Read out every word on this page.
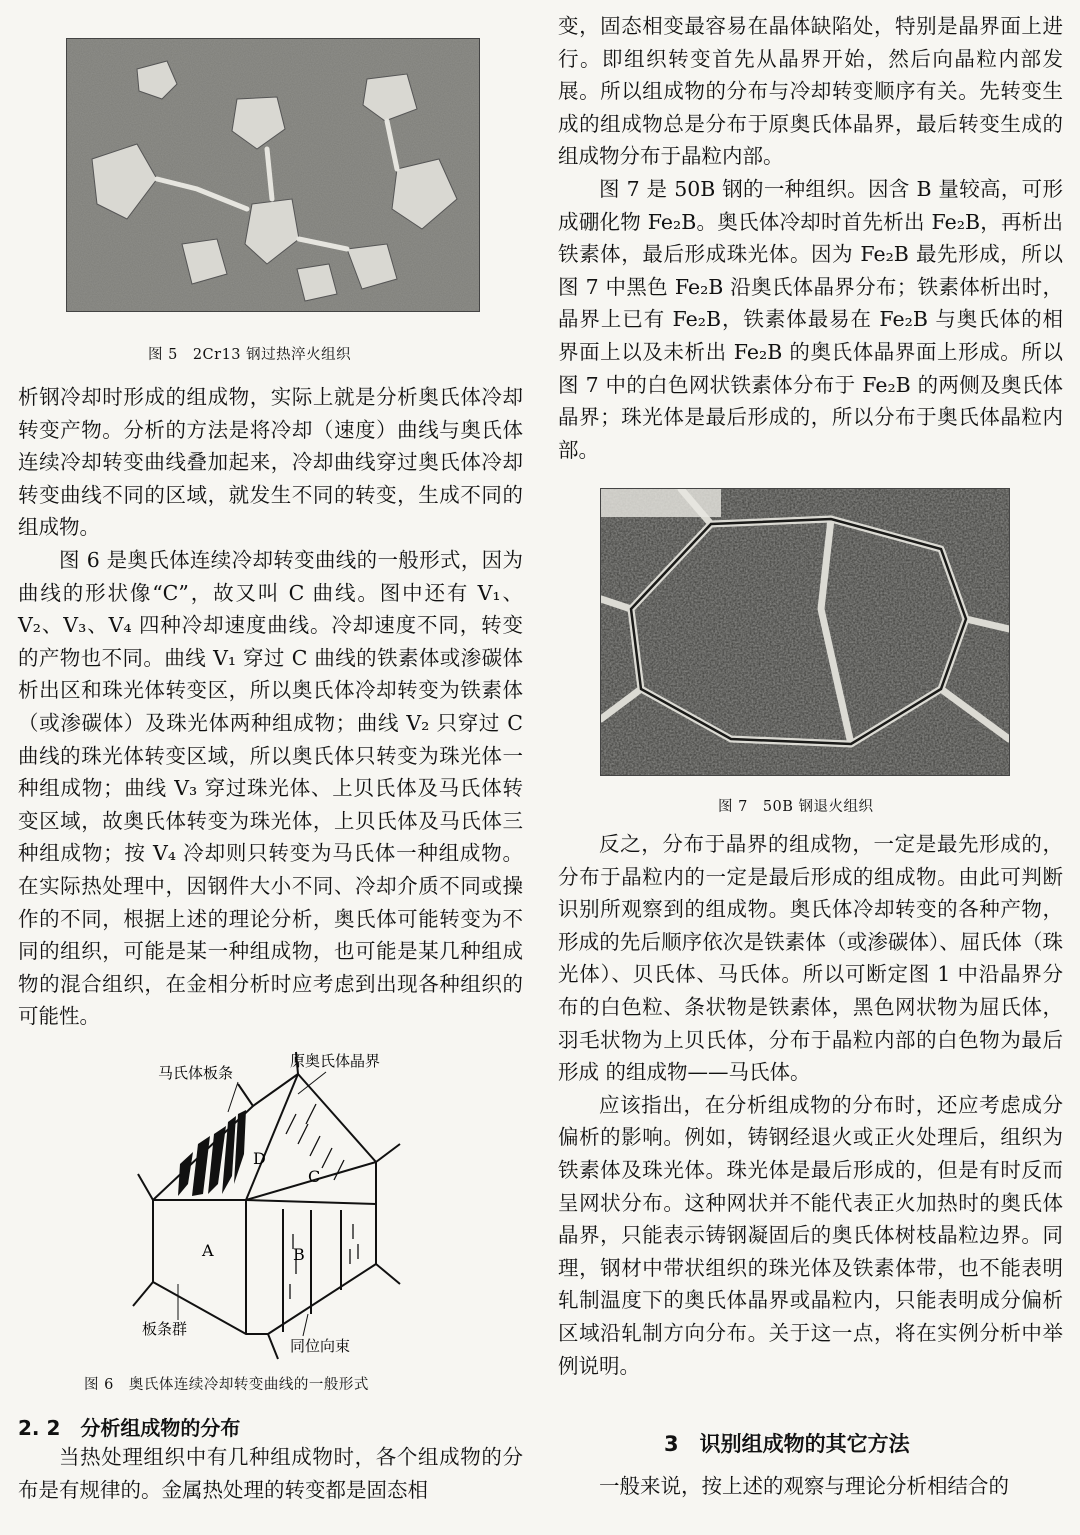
图 5　2Cr13 钢过热淬火组织

析钢冷却时形成的组成物，实际上就是分析奥氏体冷却转变产物。分析的方法是将冷却（速度）曲线与奥氏体连续冷却转变曲线叠加起来，冷却曲线穿过奥氏体冷却转变曲线不同的区域，就发生不同的转变，生成不同的组成物。

图 6 是奥氏体连续冷却转变曲线的一般形式，因为曲线的形状像“C”，故又叫 C 曲线。图中还有 V₁、V₂、V₃、V₄ 四种冷却速度曲线。冷却速度不同，转变的产物也不同。曲线 V₁ 穿过 C 曲线的铁素体或渗碳体析出区和珠光体转变区，所以奥氏体冷却转变为铁素体（或渗碳体）及珠光体两种组成物；曲线 V₂ 只穿过 C 曲线的珠光体转变区域，所以奥氏体只转变为珠光体一种组成物；曲线 V₃ 穿过珠光体、上贝氏体及马氏体转变区域，故奥氏体转变为珠光体，上贝氏体及马氏体三种组成物；按 V₄ 冷却则只转变为马氏体一种组成物。在实际热处理中，因钢件大小不同、冷却介质不同或操作的不同，根据上述的理论分析，奥氏体可能转变为不同的组织，可能是某一种组成物，也可能是某几种组成物的混合组织，在金相分析时应考虑到出现各种组织的可能性。

D
C
A	B
马氏体板条
原奥氏体晶界
板条群
同位向束
图 6　奥氏体连续冷却转变曲线的一般形式
2. 2　分析组成物的分布

当热处理组织中有几种组成物时，各个组成物的分布是有规律的。金属热处理的转变都是固态相

变，固态相变最容易在晶体缺陷处，特别是晶界面上进行。即组织转变首先从晶界开始，然后向晶粒内部发展。所以组成物的分布与冷却转变顺序有关。先转变生成的组成物总是分布于原奥氏体晶界，最后转变生成的组成物分布于晶粒内部。

图 7 是 50B 钢的一种组织。因含 B 量较高，可形成硼化物 Fe₂B。奥氏体冷却时首先析出 Fe₂B，再析出铁素体，最后形成珠光体。因为 Fe₂B 最先形成，所以图 7 中黑色 Fe₂B 沿奥氏体晶界分布；铁素体析出时，晶界上已有 Fe₂B，铁素体最易在 Fe₂B 与奥氏体的相界面上以及未析出 Fe₂B 的奥氏体晶界面上形成。所以图 7 中的白色网状铁素体分布于 Fe₂B 的两侧及奥氏体晶界；珠光体是最后形成的，所以分布于奥氏体晶粒内部。

图 7　50B 钢退火组织

反之，分布于晶界的组成物，一定是最先形成的，分布于晶粒内的一定是最后形成的组成物。由此可判断识别所观察到的组成物。奥氏体冷却转变的各种产物，形成的先后顺序依次是铁素体（或渗碳体）、屈氏体（珠光体）、贝氏体、马氏体。所以可断定图 1 中沿晶界分布的白色粒、条状物是铁素体，黑色网状物为屈氏体，羽毛状物为上贝氏体，分布于晶粒内部的白色物为最后形成 的组成物——马氏体。

应该指出，在分析组成物的分布时，还应考虑成分偏析的影响。例如，铸钢经退火或正火处理后，组织为铁素体及珠光体。珠光体是最后形成的，但是有时反而呈网状分布。这种网状并不能代表正火加热时的奥氏体晶界，只能表示铸钢凝固后的奥氏体树枝晶粒边界。同理，钢材中带状组织的珠光体及铁素体带，也不能表明轧制温度下的奥氏体晶界或晶粒内，只能表明成分偏析区域沿轧制方向分布。关于这一点，将在实例分析中举例说明。

3　识别组成物的其它方法

一般来说，按上述的观察与理论分析相结合的
